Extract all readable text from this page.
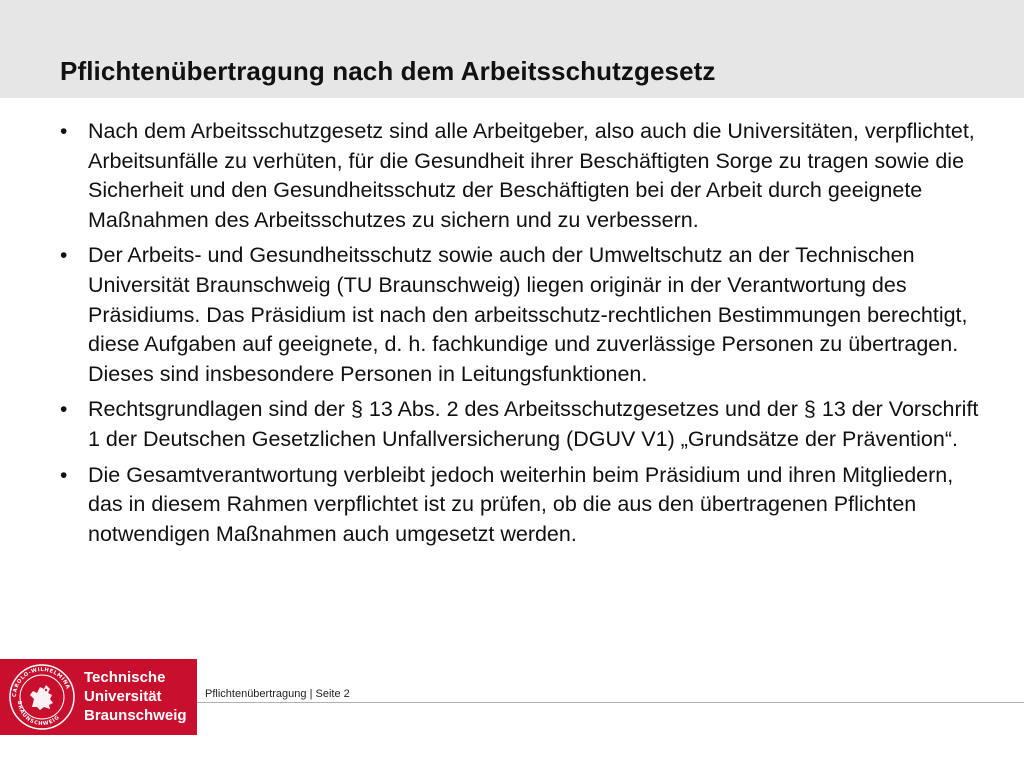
Pflichtenübertragung nach dem Arbeitsschutzgesetz
• Nach dem Arbeitsschutzgesetz sind alle Arbeitgeber, also auch die Universitäten, verpflichtet, Arbeitsunfälle zu verhüten, für die Gesundheit ihrer Beschäftigten Sorge zu tragen sowie die Sicherheit und den Gesundheitsschutz der Beschäftigten bei der Arbeit durch geeignete Maßnahmen des Arbeitsschutzes zu sichern und zu verbessern.
• Der Arbeits- und Gesundheitsschutz sowie auch der Umweltschutz an der Technischen Universität Braunschweig (TU Braunschweig) liegen originär in der Verantwortung des Präsidiums. Das Präsidium ist nach den arbeitsschutz-rechtlichen Bestimmungen berechtigt, diese Aufgaben auf geeignete, d. h. fachkundige und zuverlässige Personen zu übertragen. Dieses sind insbesondere Personen in Leitungsfunktionen.
• Rechtsgrundlagen sind der § 13 Abs. 2 des Arbeitsschutzgesetzes und der § 13 der Vorschrift 1 der Deutschen Gesetzlichen Unfallversicherung (DGUV V1) „Grundsätze der Prävention“.
• Die Gesamtverantwortung verbleibt jedoch weiterhin beim Präsidium und ihren Mitgliedern, das in diesem Rahmen verpflichtet ist zu prüfen, ob die aus den übertragenen Pflichten notwendigen Maßnahmen auch umgesetzt werden.
CAROLO-WILHELMINA
BRAUNSCHWEIG
Technische
Universität
Braunschweig
Pflichtenübertragung | Seite 2
